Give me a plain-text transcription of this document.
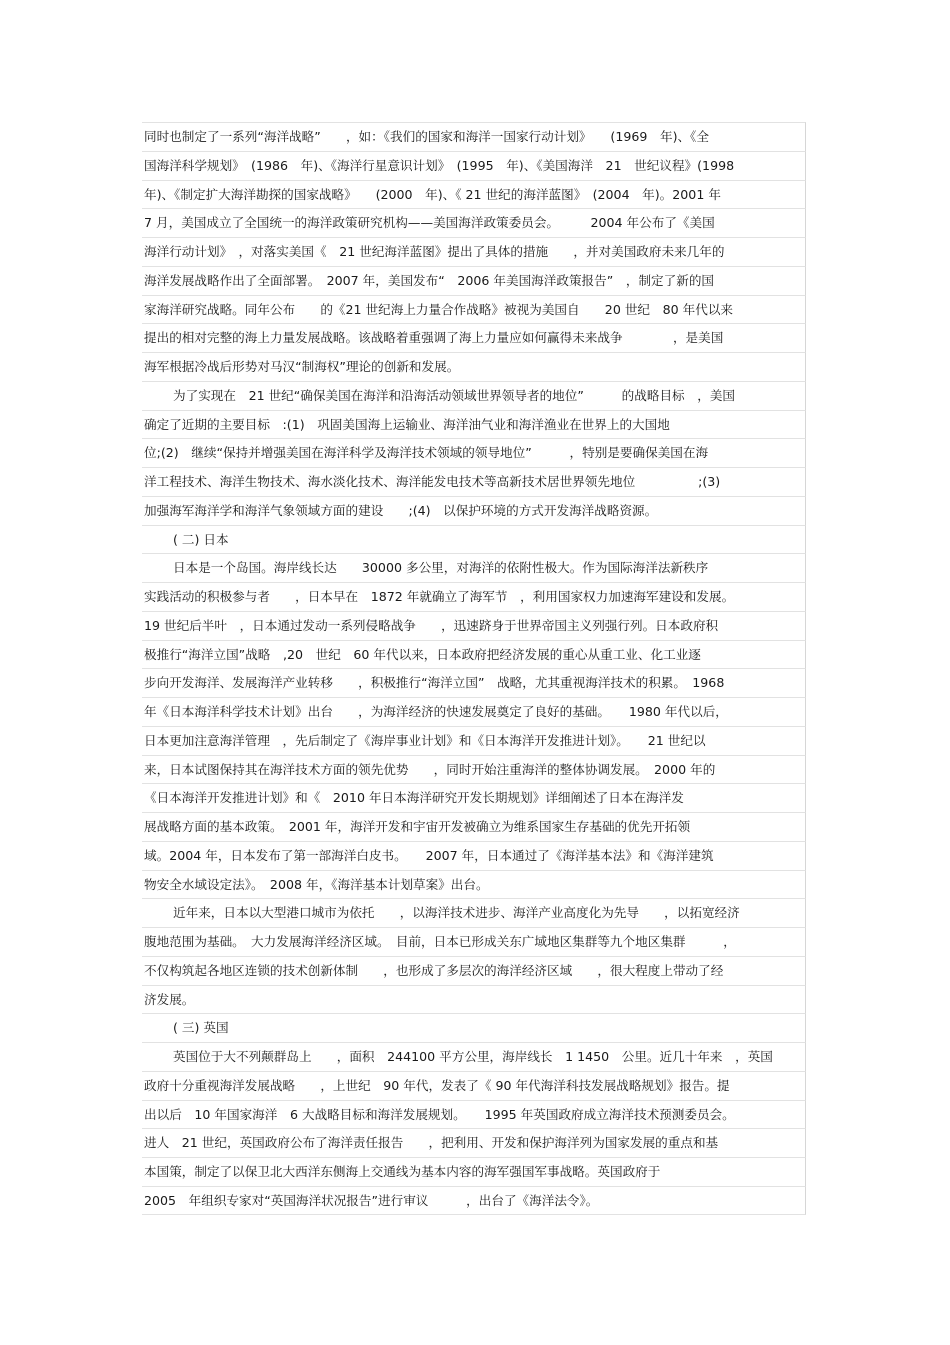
同时也制定了一系列“海洋战略”　　，如：《我们的国家和海洋一国家行动计划》　　(1969　年)、《全
国海洋科学规划》　(1986　年)、《海洋行星意识计划》　(1995　年)、《美国海洋　21　世纪议程》(1998
年)、《制定扩大海洋勘探的国家战略》　　(2000　年)、《 21 世纪的海洋蓝图》　(2004　年)。2001 年
7 月，美国成立了全国统一的海洋政策研究机构——美国海洋政策委员会。　　　2004 年公布了《美国
海洋行动计划》　，对落实美国《　21 世纪海洋蓝图》提出了具体的措施　　，并对美国政府未来几年的
海洋发展战略作出了全面部署。　2007 年，美国发布“　2006 年美国海洋政策报告”　，制定了新的国
家海洋研究战略。同年公布　　的《21 世纪海上力量合作战略》被视为美国自　　20 世纪　80 年代以来
提出的相对完整的海上力量发展战略。该战略着重强调了海上力量应如何赢得未来战争　　　　，是美国
海军根据冷战后形势对马汉“制海权”理论的创新和发展。
为了实现在　21 世纪“确保美国在海洋和沿海活动领域世界领导者的地位”　　　的战略目标　，美国
确定了近期的主要目标　:(1)　巩固美国海上运输业、海洋油气业和海洋渔业在世界上的大国地
位;(2)　继续“保持并增强美国在海洋科学及海洋技术领域的领导地位”　　　，特别是要确保美国在海
洋工程技术、海洋生物技术、海水淡化技术、海洋能发电技术等高新技术居世界领先地位　　　　　;(3)
加强海军海洋学和海洋气象领域方面的建设　　;(4)　以保护环境的方式开发海洋战略资源。
( 二) 日本
日本是一个岛国。海岸线长达　　30000 多公里，对海洋的依附性极大。作为国际海洋法新秩序
实践活动的积极参与者　　，日本早在　1872 年就确立了海军节　，利用国家权力加速海军建设和发展。
19 世纪后半叶　，日本通过发动一系列侵略战争　　，迅速跻身于世界帝国主义列强行列。日本政府积
极推行“海洋立国”战略　,20　世纪　60 年代以来，日本政府把经济发展的重心从重工业、化工业逐
步向开发海洋、发展海洋产业转移　　，积极推行“海洋立国”　战略，尤其重视海洋技术的积累。　1968
年《日本海洋科学技术计划》出台　　，为海洋经济的快速发展奠定了良好的基础。　　1980 年代以后，
日本更加注意海洋管理　，先后制定了《海岸事业计划》和《日本海洋开发推进计划》。　　21 世纪以
来，日本试图保持其在海洋技术方面的领先优势　　，同时开始注重海洋的整体协调发展。　2000 年的
《日本海洋开发推进计划》和《　2010 年日本海洋研究开发长期规划》详细阐述了日本在海洋发
展战略方面的基本政策。　2001 年，海洋开发和宇宙开发被确立为维系国家生存基础的优先开拓领
域。2004 年，日本发布了第一部海洋白皮书。　　2007 年，日本通过了《海洋基本法》和《海洋建筑
物安全水域设定法》。　2008 年，《海洋基本计划草案》出台。
近年来，日本以大型港口城市为依托　　，以海洋技术进步、海洋产业高度化为先导　　，以拓宽经济
腹地范围为基础。　大力发展海洋经济区域。　目前，日本已形成关东广域地区集群等九个地区集群　　　，
不仅构筑起各地区连锁的技术创新体制　　，也形成了多层次的海洋经济区域　　，很大程度上带动了经
济发展。
( 三) 英国
英国位于大不列颠群岛上　　，面积　244100 平方公里，海岸线长　1 1450　公里。近几十年来　，英国
政府十分重视海洋发展战略　　，上世纪　90 年代，发表了《 90 年代海洋科技发展战略规划》报告。提
出以后　10 年国家海洋　6 大战略目标和海洋发展规划。　　1995 年英国政府成立海洋技术预测委员会。
进人　21 世纪，英国政府公布了海洋责任报告　　，把利用、开发和保护海洋列为国家发展的重点和基
本国策，制定了以保卫北大西洋东侧海上交通线为基本内容的海军强国军事战略。英国政府于
2005　年组织专家对“英国海洋状况报告”进行审议　　　，出台了《海洋法令》。
